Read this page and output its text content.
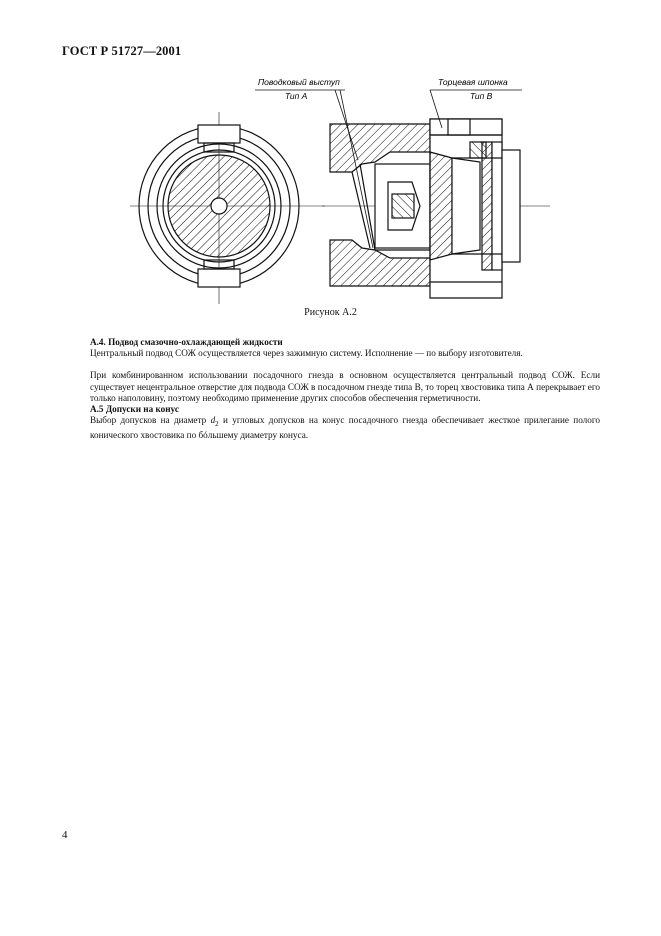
ГОСТ Р 51727—2001
Поводковый выступ
Тип А
Торцевая шпонка
Тип В
Рисунок А.2

А.4. Подвод смазочно-охлаждающей жидкости

Центральный подвод СОЖ осуществляется через зажимную систему. Исполнение — по выбору изготовителя.

При комбинированном использовании посадочного гнезда в основном осуществляется центральный подвод СОЖ. Если существует нецентральное отверстие для подвода СОЖ в посадочном гнезде типа В, то торец хвостовика типа А перекрывает его только наполовину, поэтому необходимо применение других способов обеспечения герметичности.

А.5 Допуски на конус

Выбор допусков на диаметр $d_2$ и угловых допусков на конус посадочного гнезда обеспечивает жесткое прилегание полого конического хвостовика по бóльшему диаметру конуса.

4
